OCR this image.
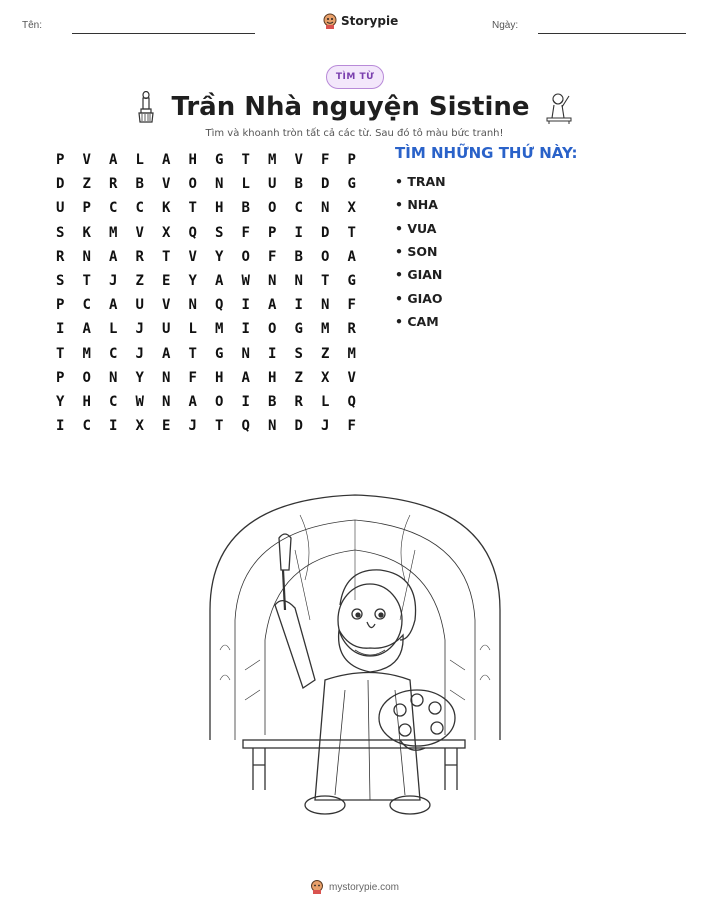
Tên:	Storypie	Ngày:
TÌM TỪ
Trần Nhà nguyện Sistine
Tìm và khoanh tròn tất cả các từ. Sau đó tô màu bức tranh!
P	V	A	L	A	H	G	T	M	V	F	P
D	Z	R	B	V	O	N	L	U	B	D	G
U	P	C	C	K	T	H	B	O	C	N	X
S	K	M	V	X	Q	S	F	P	I	D	T
R	N	A	R	T	V	Y	O	F	B	O	A
S	T	J	Z	E	Y	A	W	N	N	T	G
P	C	A	U	V	N	Q	I	A	I	N	F
I	A	L	J	U	L	M	I	O	G	M	R
T	M	C	J	A	T	G	N	I	S	Z	M
P	O	N	Y	N	F	H	A	H	Z	X	V
Y	H	C	W	N	A	O	I	B	R	L	Q
I	C	I	X	E	J	T	Q	N	D	J	F
TÌM NHỮNG THỨ NÀY:
• TRAN
• NHA
• VUA
• SON
• GIAN
• GIAO
• CAM
mystorypie.com
